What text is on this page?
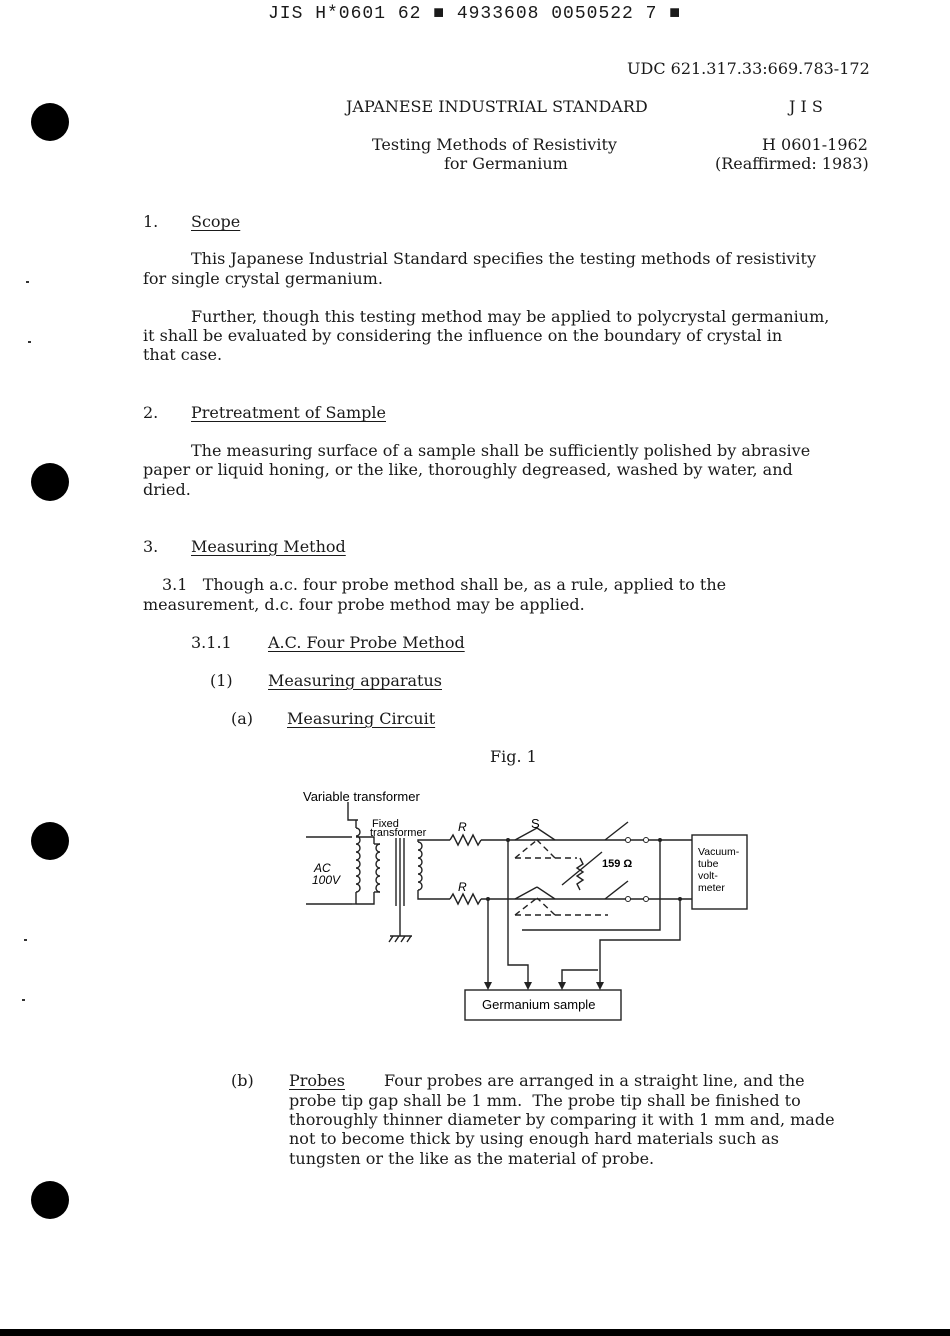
JIS H*0601 62 ■ 4933608 0050522 7 ■
UDC 621.317.33:669.783-172
JAPANESE INDUSTRIAL STANDARD	J I S
Testing Methods of Resistivity
for Germanium
H 0601-1962
(Reaffirmed: 1983)
1. Scope
This Japanese Industrial Standard specifies the testing methods of resistivity
for single crystal germanium.
Further, though this testing method may be applied to polycrystal germanium,
it shall be evaluated by considering the influence on the boundary of crystal in
that case.
2. Pretreatment of Sample
The measuring surface of a sample shall be sufficiently polished by abrasive
paper or liquid honing, or the like, thoroughly degreased, washed by water, and
dried.
3. Measuring Method
3.1   Though a.c. four probe method shall be, as a rule, applied to the
measurement, d.c. four probe method may be applied.
3.1.1 A.C. Four Probe Method
(1) Measuring apparatus
(a) Measuring Circuit
Fig. 1
Variable transformer
Fixed
transformer
AC
100V
R
R
S
159 Ω
Vacuum-
tube
volt-
meter
Germanium sample
(b) Probes Four probes are arranged in a straight line, and the
probe tip gap shall be 1 mm.  The probe tip shall be finished to
thoroughly thinner diameter by comparing it with 1 mm and, made
not to become thick by using enough hard materials such as
tungsten or the like as the material of probe.
